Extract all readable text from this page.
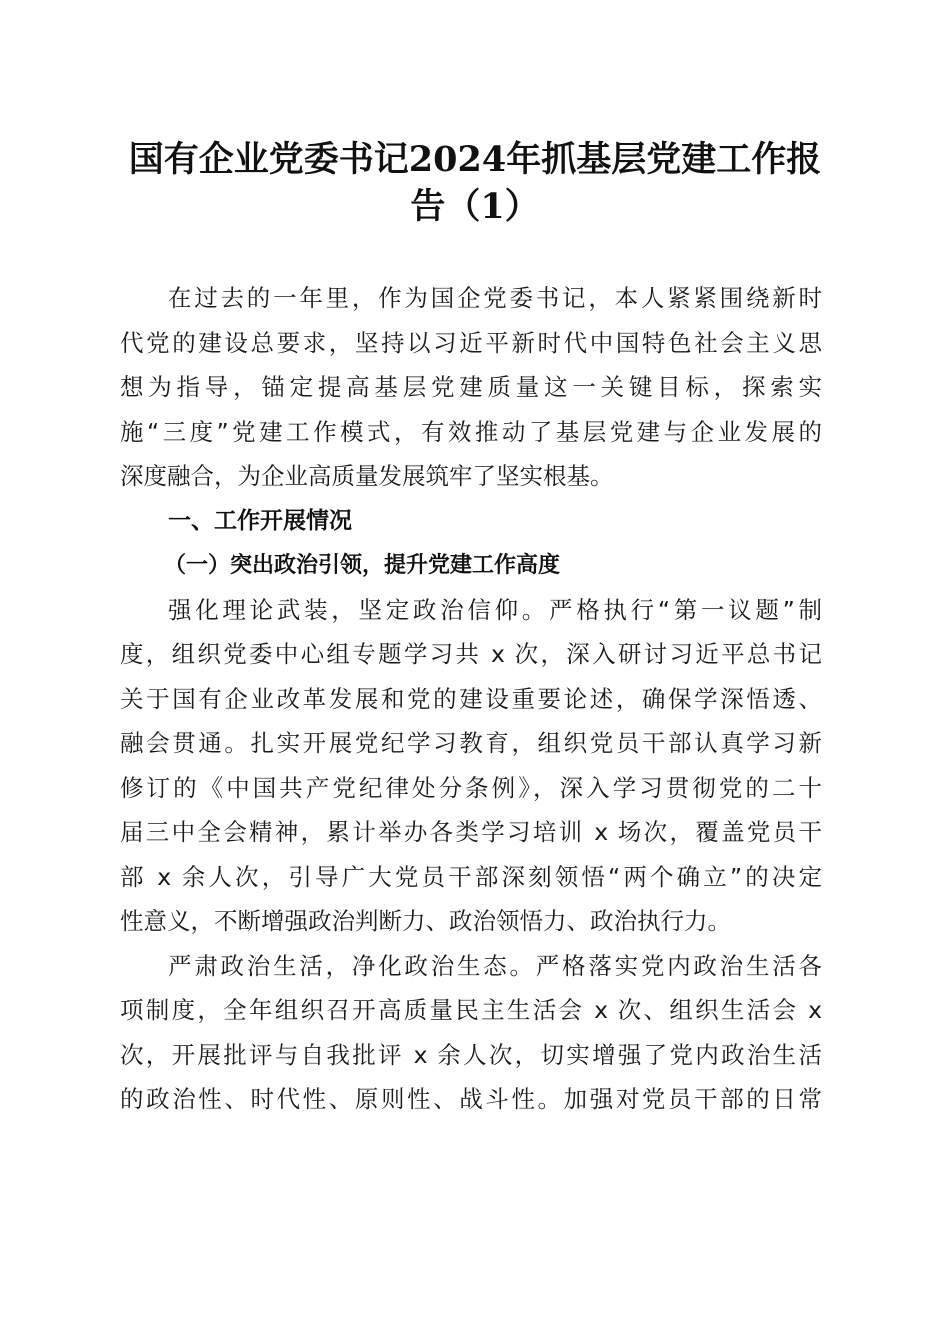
国有企业党委书记2024年抓基层党建工作报
告（1）
在过去的一年里，作为国企党委书记，本人紧紧围绕新时
代党的建设总要求，坚持以习近平新时代中国特色社会主义思
想为指导，锚定提高基层党建质量这一关键目标，探索实
施“三度”党建工作模式，有效推动了基层党建与企业发展的
深度融合，为企业高质量发展筑牢了坚实根基。
一、工作开展情况
（一）突出政治引领，提升党建工作高度
强化理论武装，坚定政治信仰。严格执行“第一议题”制
度，组织党委中心组专题学习共 x 次，深入研讨习近平总书记
关于国有企业改革发展和党的建设重要论述，确保学深悟透、
融会贯通。扎实开展党纪学习教育，组织党员干部认真学习新
修订的《中国共产党纪律处分条例》，深入学习贯彻党的二十
届三中全会精神，累计举办各类学习培训 x 场次，覆盖党员干
部 x 余人次，引导广大党员干部深刻领悟“两个确立”的决定
性意义，不断增强政治判断力、政治领悟力、政治执行力。
严肃政治生活，净化政治生态。严格落实党内政治生活各
项制度，全年组织召开高质量民主生活会 x 次、组织生活会 x
次，开展批评与自我批评 x 余人次，切实增强了党内政治生活
的政治性、时代性、原则性、战斗性。加强对党员干部的日常
